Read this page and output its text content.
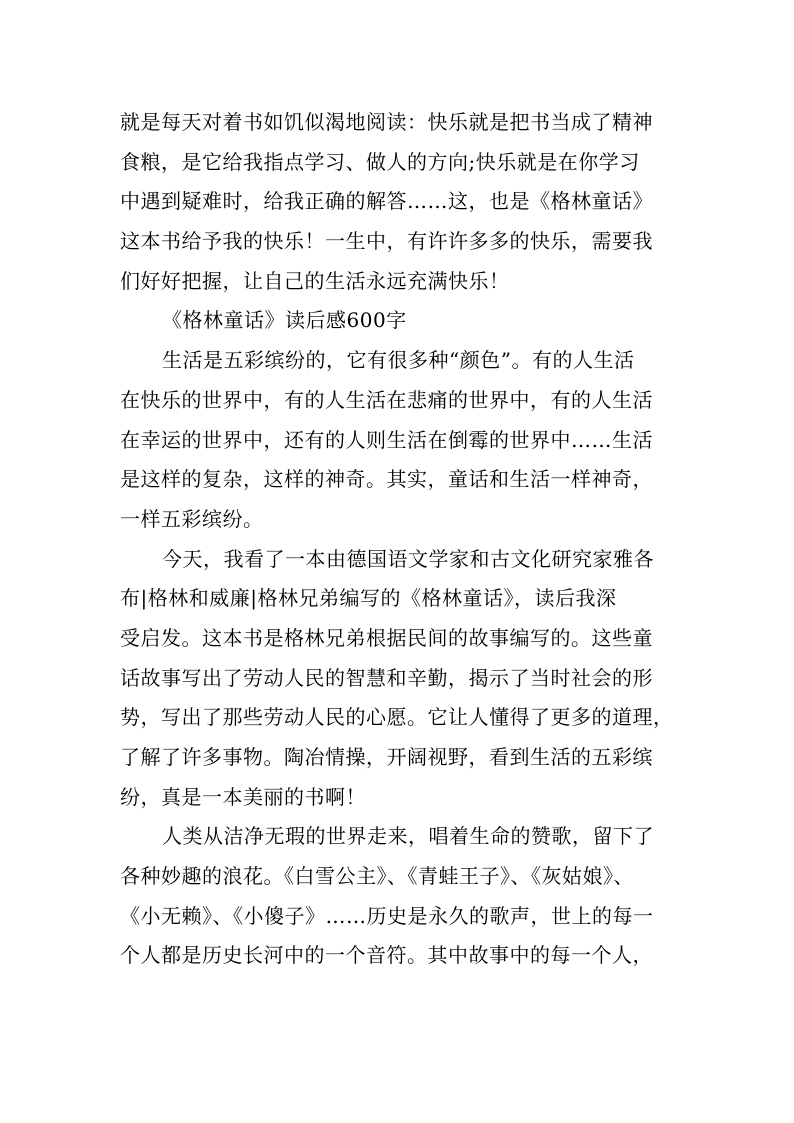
就是每天对着书如饥似渴地阅读：快乐就是把书当成了精神

食粮，是它给我指点学习、做人的方向;快乐就是在你学习

中遇到疑难时，给我正确的解答……这，也是《格林童话》

这本书给予我的快乐！一生中，有许许多多的快乐，需要我

们好好把握，让自己的生活永远充满快乐！

《格林童话》读后感600字

生活是五彩缤纷的，它有很多种“颜色”。有的人生活

在快乐的世界中，有的人生活在悲痛的世界中，有的人生活

在幸运的世界中，还有的人则生活在倒霉的世界中……生活

是这样的复杂，这样的神奇。其实，童话和生活一样神奇，

一样五彩缤纷。

今天，我看了一本由德国语文学家和古文化研究家雅各

布|格林和威廉|格林兄弟编写的《格林童话》，读后我深

受启发。这本书是格林兄弟根据民间的故事编写的。这些童

话故事写出了劳动人民的智慧和辛勤，揭示了当时社会的形

势，写出了那些劳动人民的心愿。它让人懂得了更多的道理，

了解了许多事物。陶冶情操，开阔视野，看到生活的五彩缤

纷，真是一本美丽的书啊！

人类从洁净无瑕的世界走来，唱着生命的赞歌，留下了

各种妙趣的浪花。《白雪公主》、《青蛙王子》、《灰姑娘》、

《小无赖》、《小傻子》……历史是永久的歌声，世上的每一

个人都是历史长河中的一个音符。其中故事中的每一个人，
